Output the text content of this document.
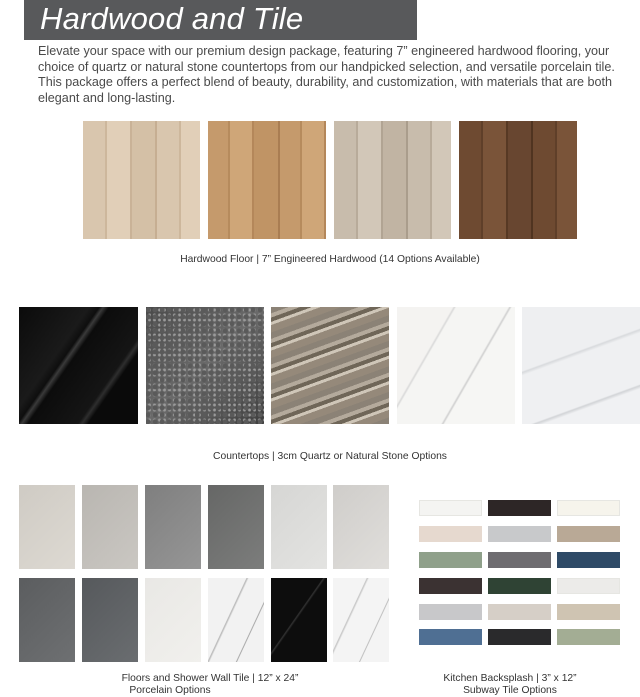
Hardwood and Tile

Elevate your space with our premium design package, featuring 7” engineered hardwood flooring, your choice of quartz or natural stone countertops from our handpicked selection, and versatile porcelain tile. This package offers a perfect blend of beauty, durability, and customization, with materials that are both elegant and long-lasting.

Hardwood Floor | 7” Engineered Hardwood (14 Options Available)
Countertops | 3cm Quartz or Natural Stone Options
Floors and Shower Wall Tile | 12” x 24”
Porcelain Options
Kitchen Backsplash | 3” x 12”
Subway Tile Options
